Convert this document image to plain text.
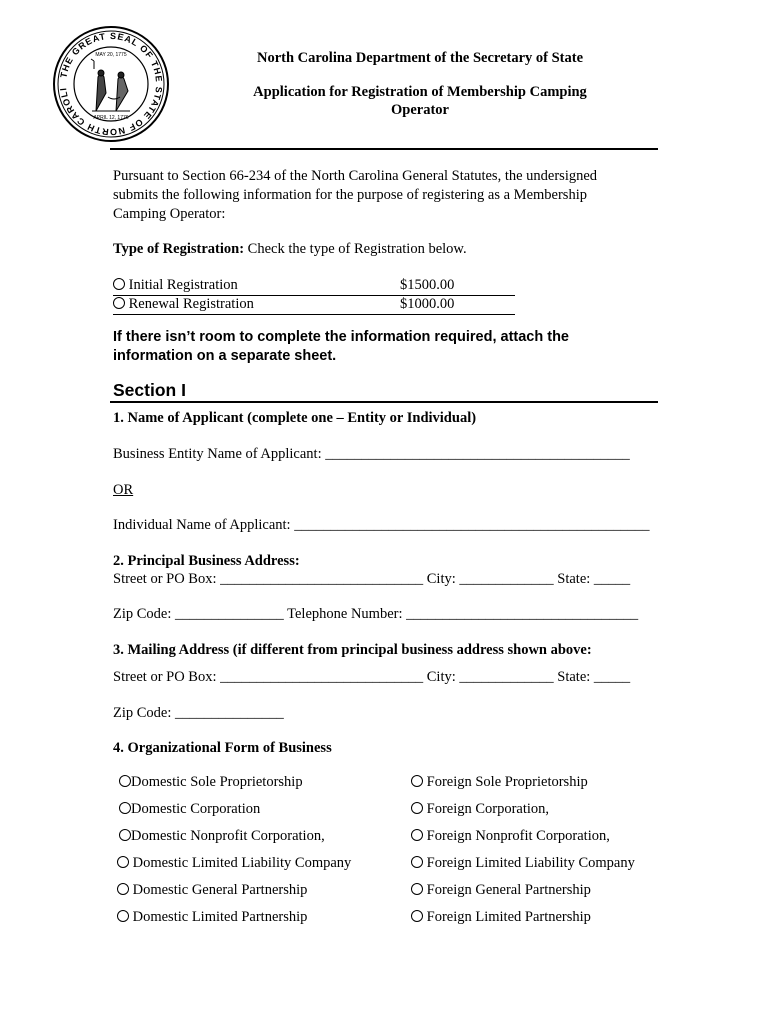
THE GREAT SEAL OF THE STATE OF NORTH CAROLI
MAY 20, 1775
APRIL 12, 1776
North Carolina Department of the Secretary of State
Application for Registration of Membership Camping
Operator
Pursuant to Section 66-234 of the North Carolina General Statutes, the undersigned submits the following information for the purpose of registering as a Membership Camping Operator:
Type of Registration: Check the type of Registration below.
Initial Registration	$1500.00
Renewal Registration	$1000.00
If there isn’t room to complete the information required, attach the information on a separate sheet.
Section I
1. Name of Applicant (complete one – Entity or Individual)
Business Entity Name of Applicant: __________________________________________
OR
Individual Name of Applicant: _________________________________________________
2. Principal Business Address:
Street or PO Box: ____________________________ City: _____________ State: _____
Zip Code: _______________ Telephone Number: ________________________________
3. Mailing Address (if different from principal business address shown above:
Street or PO Box: ____________________________ City: _____________ State: _____
Zip Code: _______________
4. Organizational Form of Business
Domestic Sole Proprietorship
Domestic Corporation
Domestic Nonprofit Corporation,
Domestic Limited Liability Company
Domestic General Partnership
Domestic Limited Partnership
Foreign Sole Proprietorship
Foreign Corporation,
Foreign Nonprofit Corporation,
Foreign Limited Liability Company
Foreign General Partnership
Foreign Limited Partnership
